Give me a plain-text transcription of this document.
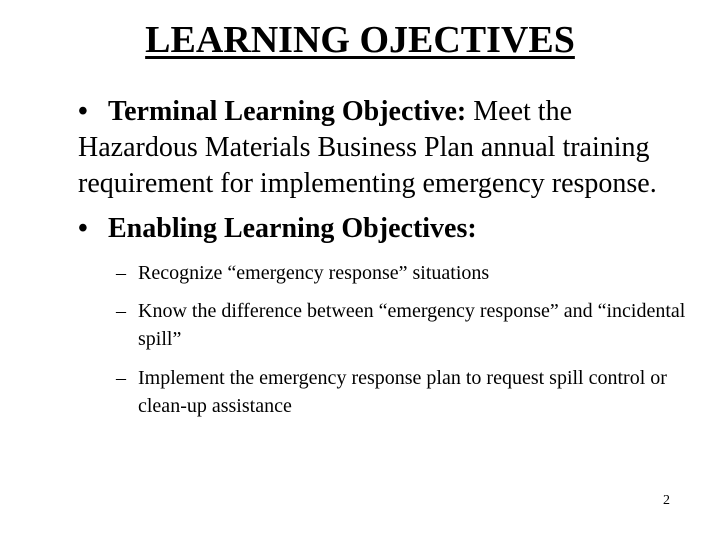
LEARNING OJECTIVES
• Terminal Learning Objective: Meet the
Hazardous Materials Business Plan annual training requirement for implementing emergency response.
• Enabling Learning Objectives:
– Recognize “emergency response” situations
– Know the difference between “emergency response” and “incidental spill”
– Implement the emergency response plan to request spill control or clean-up assistance
2
